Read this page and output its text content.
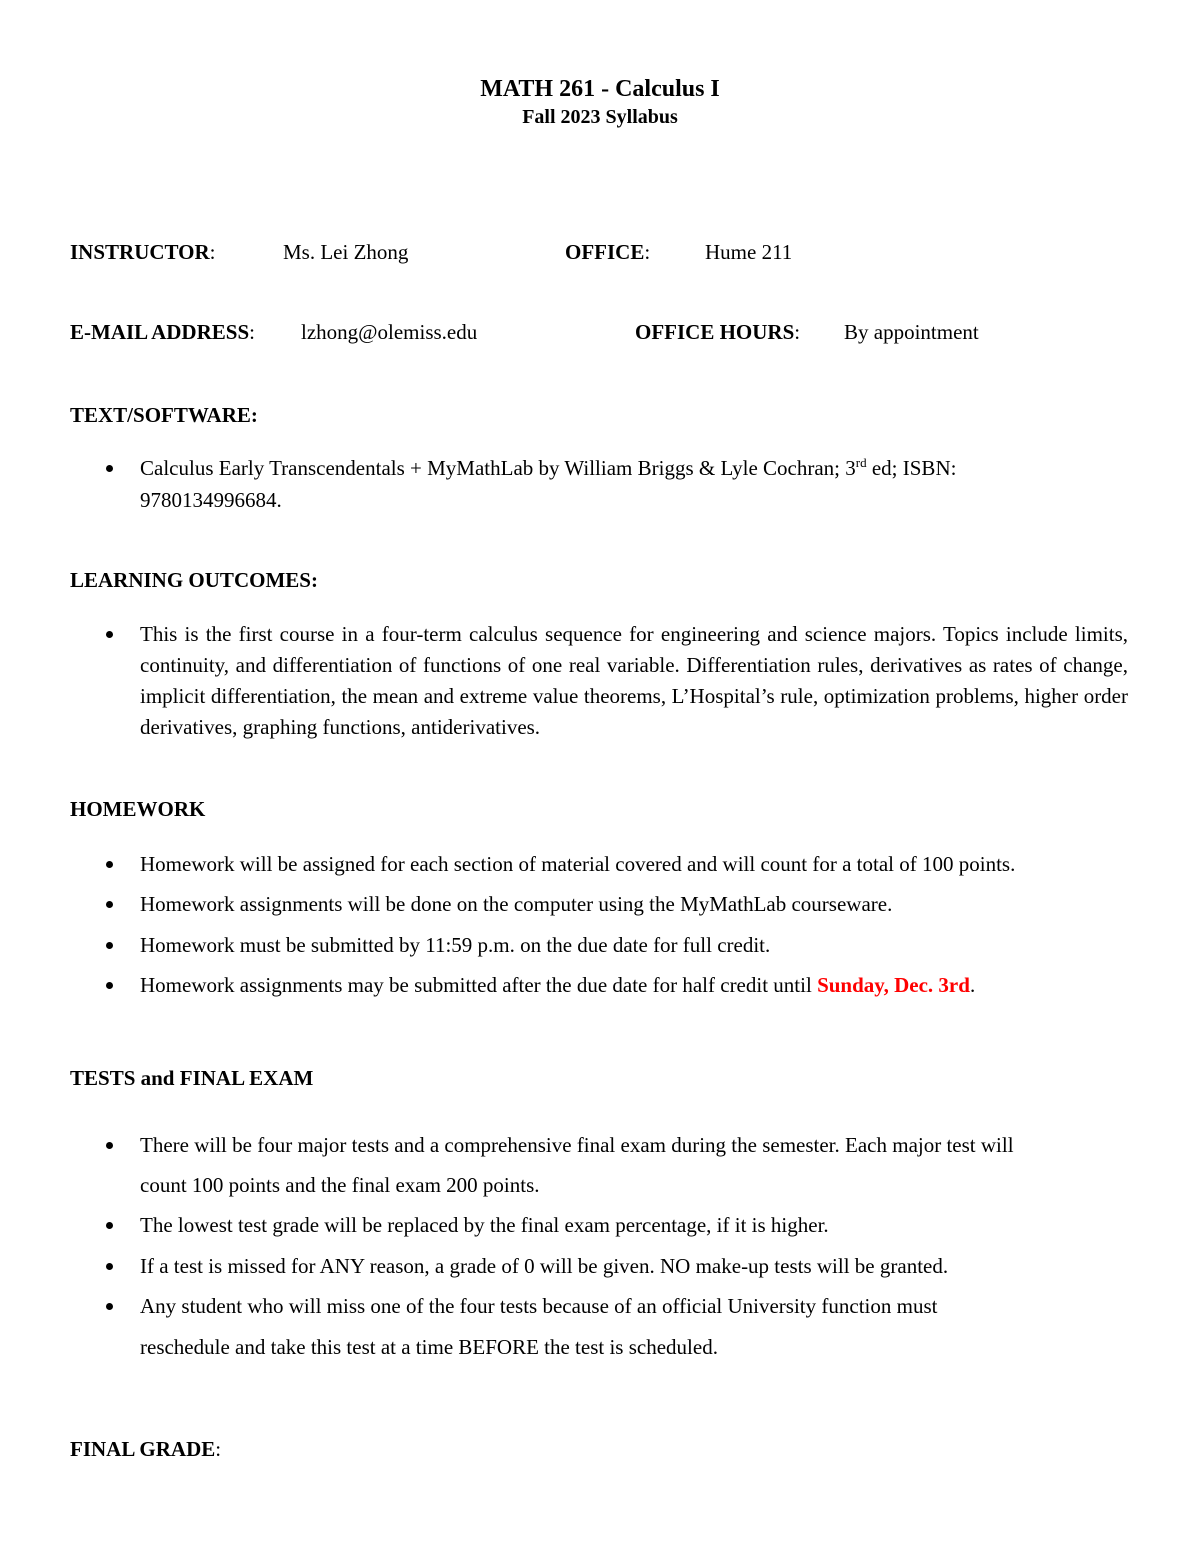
MATH 261 - Calculus I
Fall 2023 Syllabus
INSTRUCTOR:	Ms. Lei Zhong	OFFICE:	Hume 211
E-MAIL ADDRESS: lzhong@olemiss.edu	OFFICE HOURS: By appointment
TEXT/SOFTWARE:
Calculus Early Transcendentals + MyMathLab by William Briggs & Lyle Cochran; 3rd ed; ISBN:
9780134996684.
LEARNING OUTCOMES:
This is the first course in a four-term calculus sequence for engineering and science majors. Topics include limits, continuity, and differentiation of functions of one real variable. Differentiation rules, derivatives as rates of change, implicit differentiation, the mean and extreme value theorems, L’Hospital’s rule, optimization problems, higher order derivatives, graphing functions, antiderivatives.
HOMEWORK
Homework will be assigned for each section of material covered and will count for a total of 100 points.
Homework assignments will be done on the computer using the MyMathLab courseware.
Homework must be submitted by 11:59 p.m. on the due date for full credit.
Homework assignments may be submitted after the due date for half credit until Sunday, Dec. 3rd.
TESTS and FINAL EXAM
There will be four major tests and a comprehensive final exam during the semester. Each major test will
count 100 points and the final exam 200 points.
The lowest test grade will be replaced by the final exam percentage, if it is higher.
If a test is missed for ANY reason, a grade of 0 will be given. NO make-up tests will be granted.
Any student who will miss one of the four tests because of an official University function must
reschedule and take this test at a time BEFORE the test is scheduled.
FINAL GRADE:
